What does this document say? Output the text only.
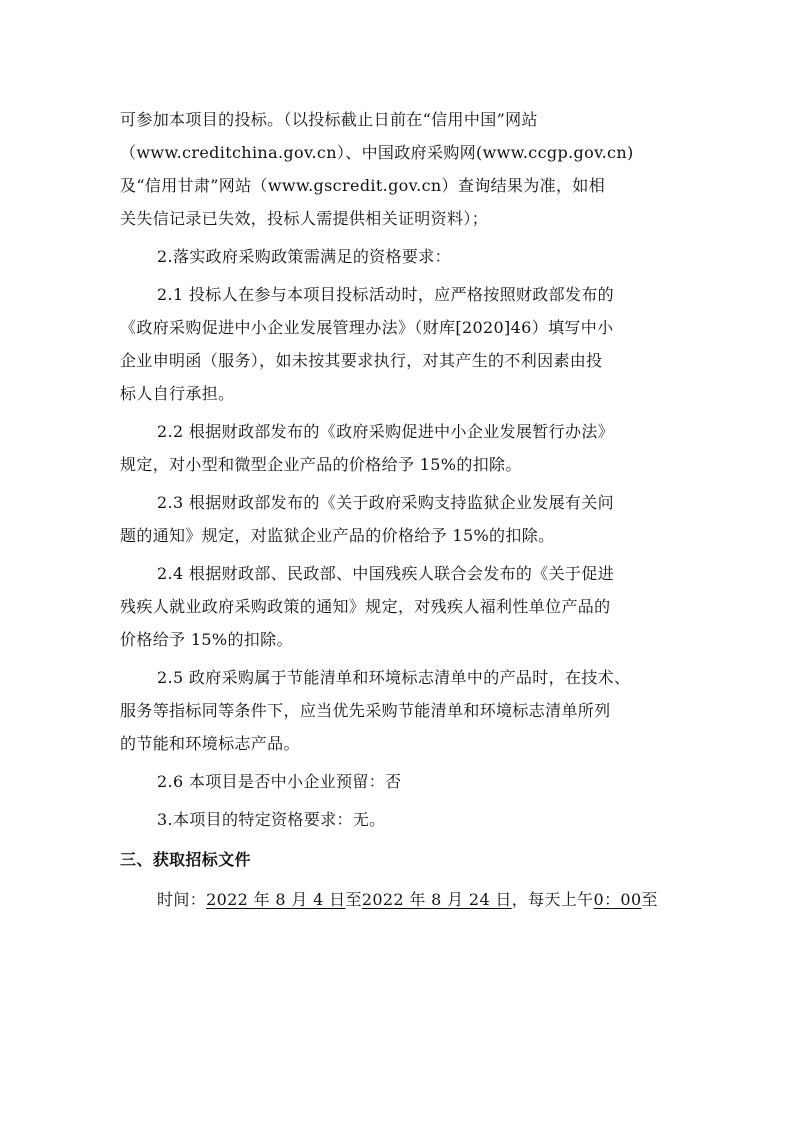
可参加本项目的投标。（以投标截止日前在“信用中国”网站
（www.creditchina.gov.cn）、中国政府采购网(www.ccgp.gov.cn)
及“信用甘肃”网站（www.gscredit.gov.cn）查询结果为准，如相
关失信记录已失效，投标人需提供相关证明资料）；
2.落实政府采购政策需满足的资格要求：
2.1 投标人在参与本项目投标活动时，应严格按照财政部发布的
《政府采购促进中小企业发展管理办法》（财库[2020]46）填写中小
企业申明函（服务），如未按其要求执行，对其产生的不利因素由投
标人自行承担。
2.2 根据财政部发布的《政府采购促进中小企业发展暂行办法》
规定，对小型和微型企业产品的价格给予 15%的扣除。
2.3 根据财政部发布的《关于政府采购支持监狱企业发展有关问
题的通知》规定，对监狱企业产品的价格给予 15%的扣除。
2.4 根据财政部、民政部、中国残疾人联合会发布的《关于促进
残疾人就业政府采购政策的通知》规定，对残疾人福利性单位产品的
价格给予 15%的扣除。
2.5 政府采购属于节能清单和环境标志清单中的产品时，在技术、
服务等指标同等条件下，应当优先采购节能清单和环境标志清单所列
的节能和环境标志产品。
2.6 本项目是否中小企业预留：否
3.本项目的特定资格要求：无。
三、获取招标文件
时间：2022 年 8 月 4 日至2022 年 8 月 24 日，每天上午0：00至
